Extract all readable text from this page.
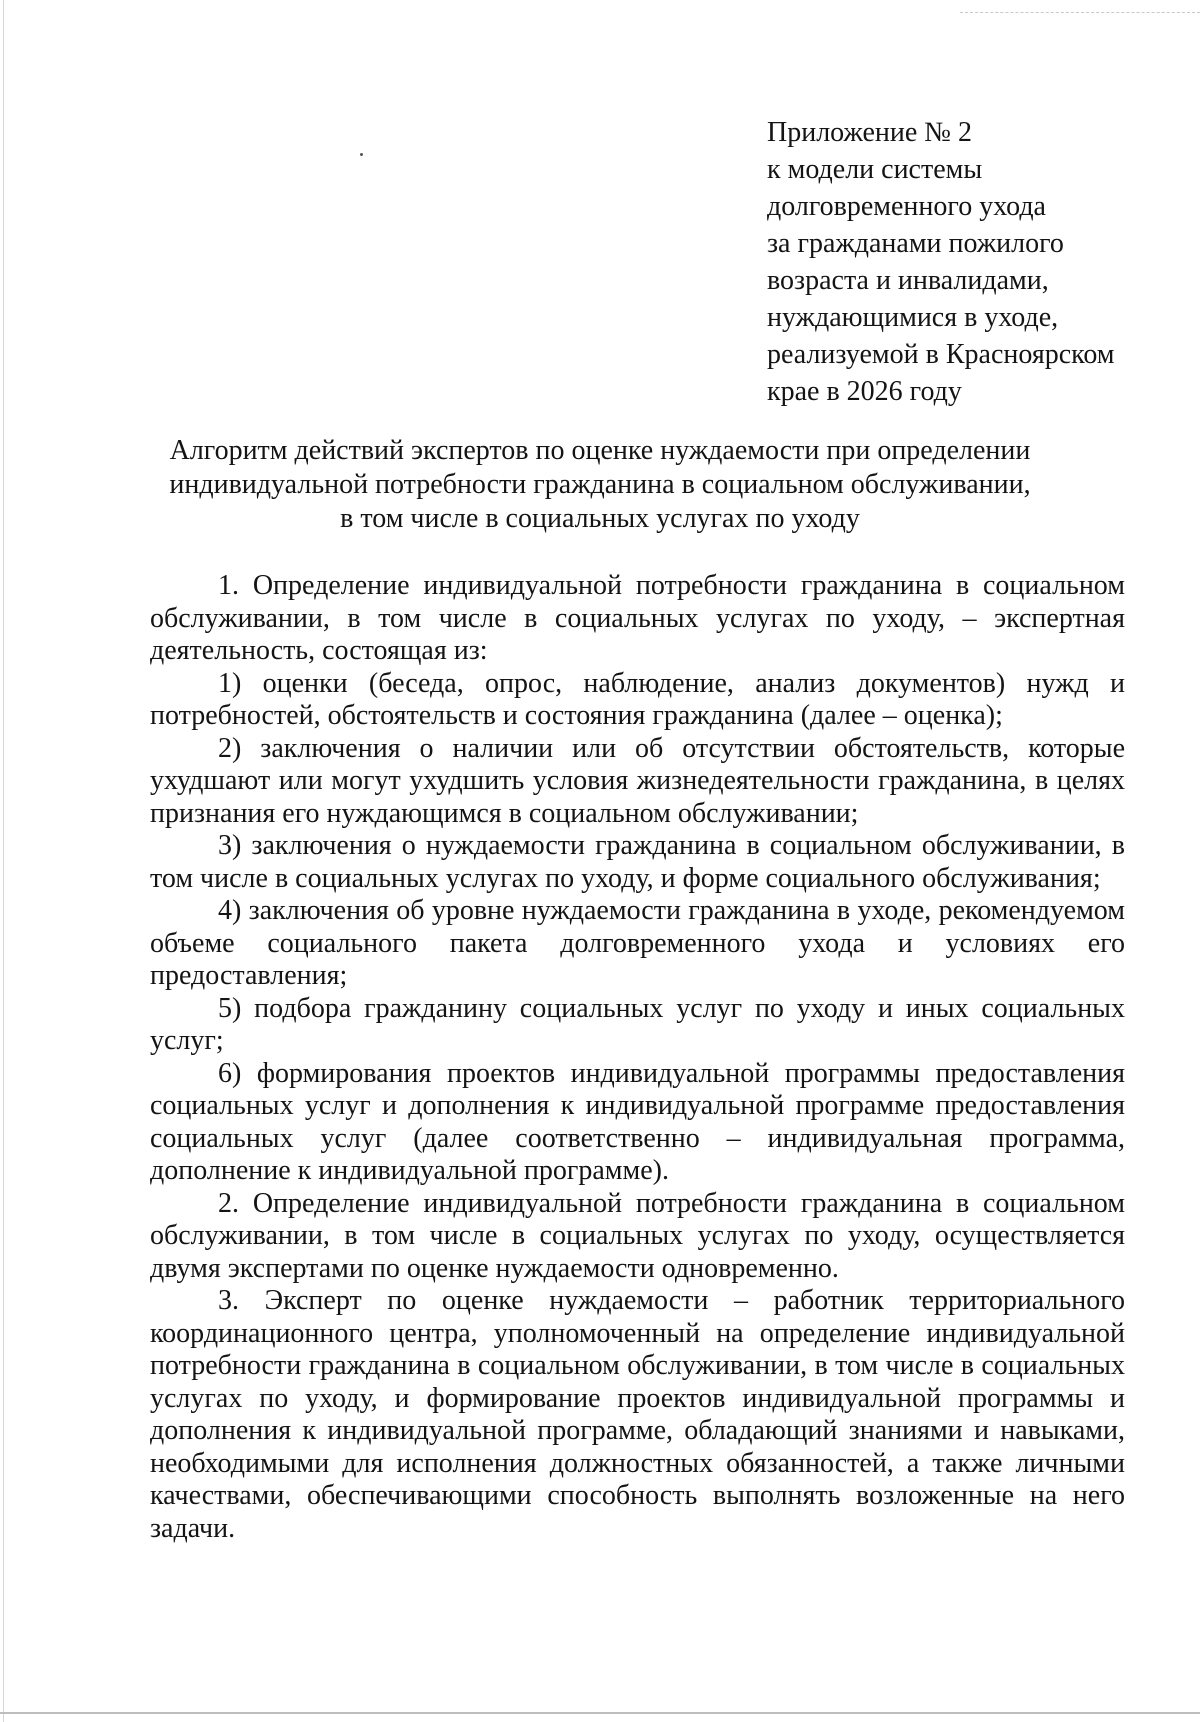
Приложение № 2
к модели системы
долговременного ухода
за гражданами пожилого
возраста и инвалидами,
нуждающимися в уходе,
реализуемой в Красноярском
крае в 2026 году
Алгоритм действий экспертов по оценке нуждаемости при определении
индивидуальной потребности гражданина в социальном обслуживании,
в том числе в социальных услугах по уходу

1. Определение индивидуальной потребности гражданина в социальном обслуживании, в том числе в социальных услугах по уходу, – экспертная деятельность, состоящая из:

1) оценки (беседа, опрос, наблюдение, анализ документов) нужд и потребностей, обстоятельств и состояния гражданина (далее – оценка);

2) заключения о наличии или об отсутствии обстоятельств, которые ухудшают или могут ухудшить условия жизнедеятельности гражданина, в целях признания его нуждающимся в социальном обслуживании;

3) заключения о нуждаемости гражданина в социальном обслуживании, в том числе в социальных услугах по уходу, и форме социального обслуживания;

4) заключения об уровне нуждаемости гражданина в уходе, рекомендуемом объеме социального пакета долговременного ухода и условиях его предоставления;

5) подбора гражданину социальных услуг по уходу и иных социальных услуг;

6) формирования проектов индивидуальной программы предоставления социальных услуг и дополнения к индивидуальной программе предоставления социальных услуг (далее соответственно – индивидуальная программа, дополнение к индивидуальной программе).

2. Определение индивидуальной потребности гражданина в социальном обслуживании, в том числе в социальных услугах по уходу, осуществляется двумя экспертами по оценке нуждаемости одновременно.

3. Эксперт по оценке нуждаемости – работник территориального координационного центра, уполномоченный на определение индивидуальной потребности гражданина в социальном обслуживании, в том числе в социальных услугах по уходу, и формирование проектов индивидуальной программы и дополнения к индивидуальной программе, обладающий знаниями и навыками, необходимыми для исполнения должностных обязанностей, а также личными качествами, обеспечивающими способность выполнять возложенные на него задачи.
